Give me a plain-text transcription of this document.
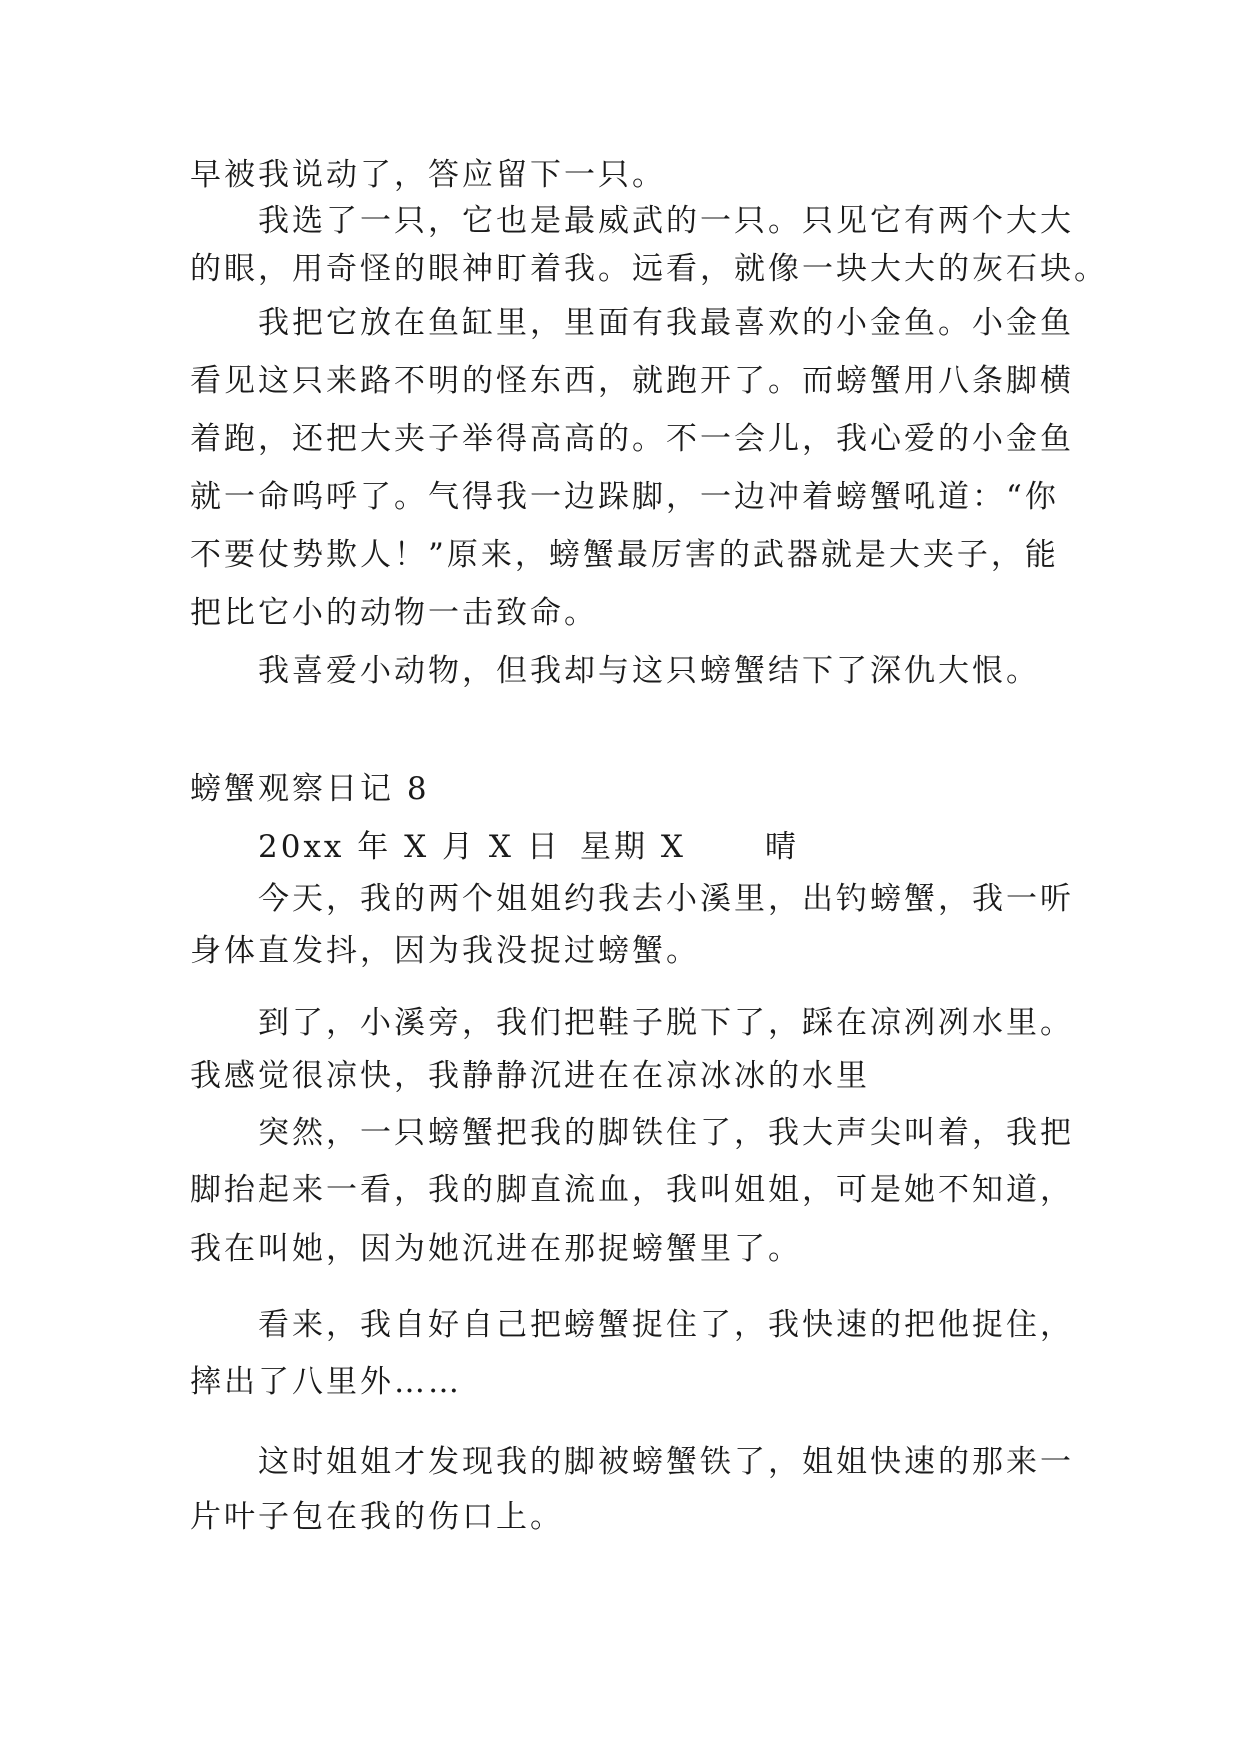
早被我说动了，答应留下一只。
我选了一只，它也是最威武的一只。只见它有两个大大
的眼，用奇怪的眼神盯着我。远看，就像一块大大的灰石块。
我把它放在鱼缸里，里面有我最喜欢的小金鱼。小金鱼
看见这只来路不明的怪东西，就跑开了。而螃蟹用八条脚横
着跑，还把大夹子举得高高的。不一会儿，我心爱的小金鱼
就一命呜呼了。气得我一边跺脚，一边冲着螃蟹吼道：“你
不要仗势欺人！”原来，螃蟹最厉害的武器就是大夹子，能
把比它小的动物一击致命。
我喜爱小动物，但我却与这只螃蟹结下了深仇大恨。
螃蟹观察日记 8
20xx 年 X 月 X 日 星期 X	晴
今天，我的两个姐姐约我去小溪里，出钓螃蟹，我一听
身体直发抖，因为我没捉过螃蟹。
到了，小溪旁，我们把鞋子脱下了，踩在凉冽冽水里。
我感觉很凉快，我静静沉进在在凉冰冰的水里
突然，一只螃蟹把我的脚铁住了，我大声尖叫着，我把
脚抬起来一看，我的脚直流血，我叫姐姐，可是她不知道，
我在叫她，因为她沉进在那捉螃蟹里了。
看来，我自好自己把螃蟹捉住了，我快速的把他捉住，
摔出了八里外……
这时姐姐才发现我的脚被螃蟹铁了，姐姐快速的那来一
片叶子包在我的伤口上。
